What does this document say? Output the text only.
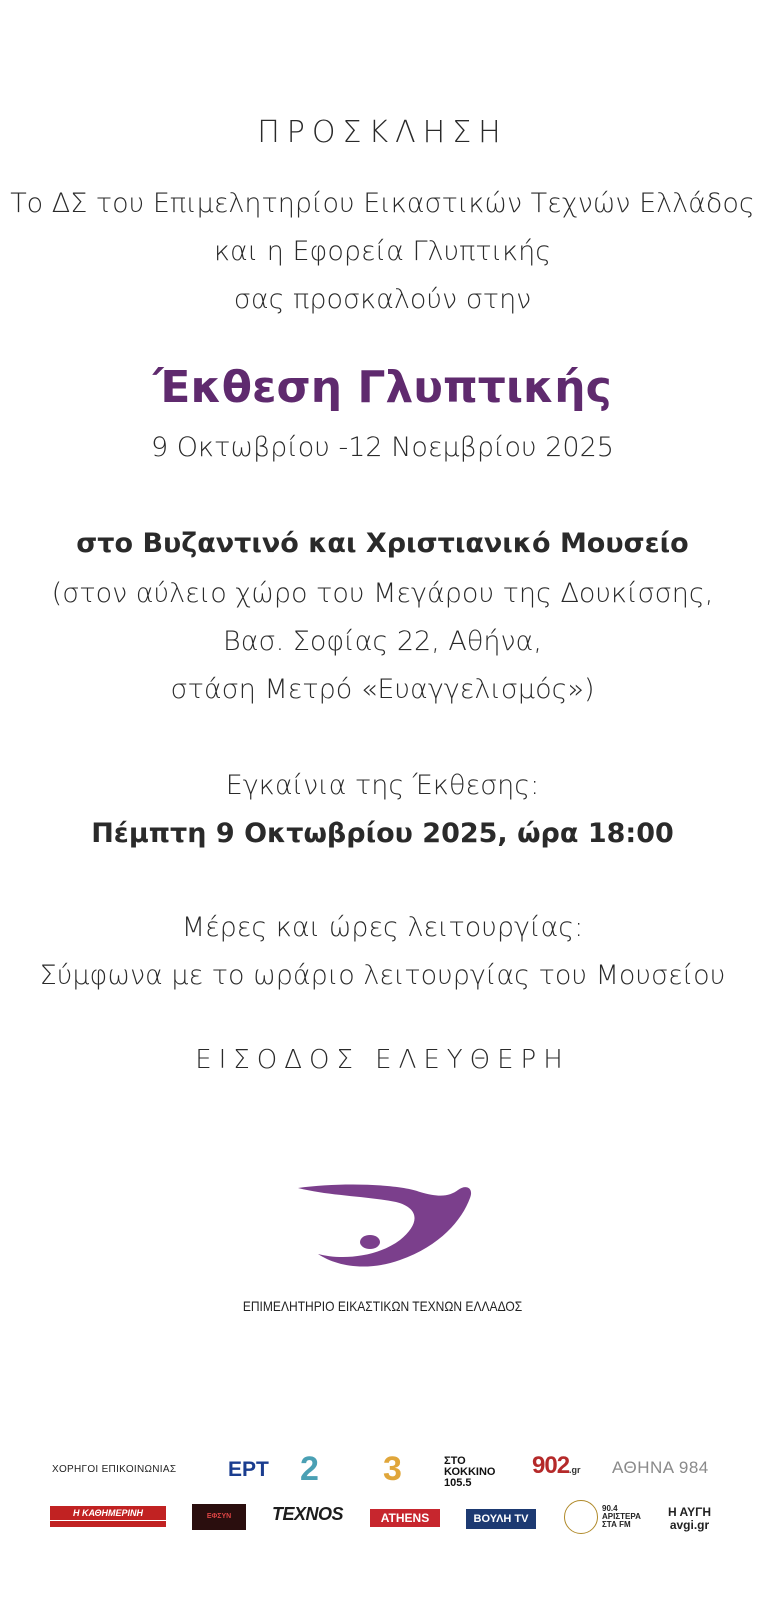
ΠΡΟΣΚΛΗΣΗ
Το ΔΣ του Επιμελητηρίου Εικαστικών Τεχνών Ελλάδος
και η Εφορεία Γλυπτικής
σας προσκαλούν στην
Έκθεση Γλυπτικής
9 Οκτωβρίου -12 Νοεμβρίου 2025
στο Βυζαντινό και Χριστιανικό Μουσείο
(στον αύλειο χώρο του Μεγάρου της Δουκίσσης,
Βασ. Σοφίας 22, Αθήνα,
στάση Μετρό «Ευαγγελισμός»)
Εγκαίνια της Έκθεσης:
Πέμπτη 9 Οκτωβρίου 2025, ώρα 18:00
Μέρες και ώρες λειτουργίας:
Σύμφωνα με το ωράριο λειτουργίας του Μουσείου
ΕΙΣΟΔΟΣ ΕΛΕΥΘΕΡΗ
ΕΠΙΜΕΛΗΤΗΡΙΟ ΕΙΚΑΣΤΙΚΩΝ ΤΕΧΝΩΝ ΕΛΛΑΔΟΣ
ΧΟΡΗΓΟΙ ΕΠΙΚΟΙΝΩΝΙΑΣ ΕΡΤ 2 3	ΣΤΟ ΚΟΚΚΙΝΟ 105.5
902.gr ΑΘΗΝΑ 984
Η ΚΑΘΗΜΕΡΙΝΗ	ΕΦΣΥΝ	TEXNOS	ATHENS	ΒΟΥΛΗ TV
90.4 ΑΡΙΣΤΕΡΑ ΣΤΑ FM
Η ΑΥΓΗ
avgi.gr
